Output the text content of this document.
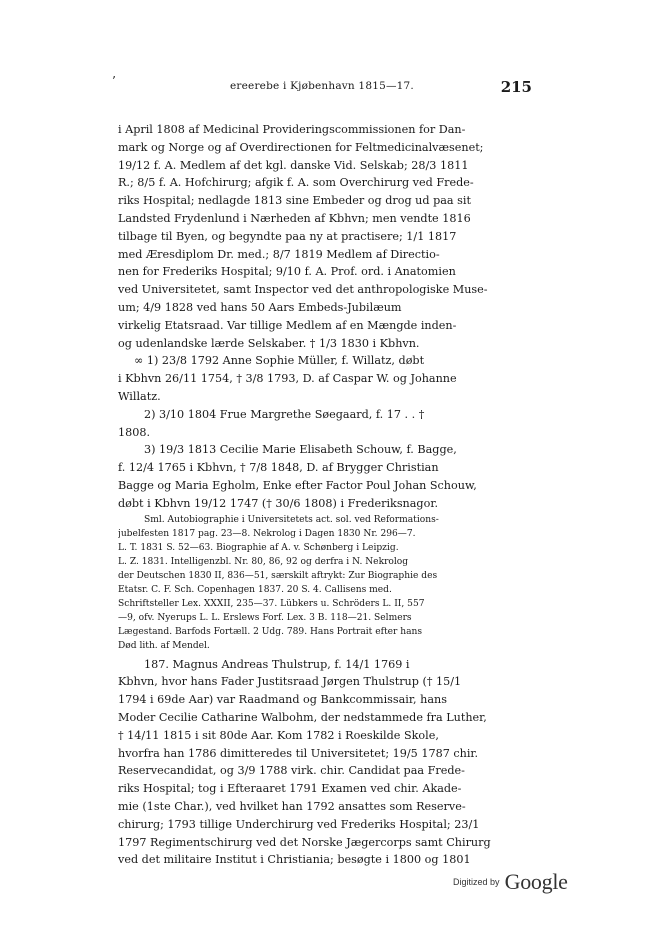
’	ereerebe i Kjøbenhavn 1815—17.	215
i April 1808 af Medicinal Provideringscommissionen for Dan-
mark og Norge og af Overdirectionen for Feltmedicinalvæsenet;
19/12 f. A. Medlem af det kgl. danske Vid. Selskab; 28/3 1811
R.; 8/5 f. A. Hofchirurg; afgik f. A. som Overchirurg ved Frede-
riks Hospital; nedlagde 1813 sine Embeder og drog ud paa sit
Landsted Frydenlund i Nærheden af Kbhvn; men vendte 1816
tilbage til Byen, og begyndte paa ny at practisere; 1/1 1817
med Æresdiplom Dr. med.; 8/7 1819 Medlem af Directio-
nen for Frederiks Hospital; 9/10 f. A. Prof. ord. i Anatomien
ved Universitetet, samt Inspector ved det anthropologiske Muse-
um; 4/9 1828 ved hans 50 Aars Embeds-Jubilæum
virkelig Etatsraad. Var tillige Medlem af en Mængde inden-
og udenlandske lærde Selskaber. † 1/3 1830 i Kbhvn.
∞ 1) 23/8 1792 Anne Sophie Müller, f. Willatz, døbt
i Kbhvn 26/11 1754, † 3/8 1793, D. af Caspar W. og Johanne
Willatz.
2) 3/10 1804 Frue Margrethe Søegaard, f. 17 . . †
1808.
3) 19/3 1813 Cecilie Marie Elisabeth Schouw, f. Bagge,
f. 12/4 1765 i Kbhvn, † 7/8 1848, D. af Brygger Christian
Bagge og Maria Egholm, Enke efter Factor Poul Johan Schouw,
døbt i Kbhvn 19/12 1747 († 30/6 1808) i Frederiksnagor.
Sml. Autobiographie i Universitetets act. sol. ved Reformations-
jubelfesten 1817 pag. 23—8. Nekrolog i Dagen 1830 Nr. 296—7.
L. T. 1831 S. 52—63. Biographie af A. v. Schønberg i Leipzig.
L. Z. 1831. Intelligenzbl. Nr. 80, 86, 92 og derfra i N. Nekrolog
der Deutschen 1830 II, 836—51, særskilt aftrykt: Zur Biographie des
Etatsr. C. F. Sch. Copenhagen 1837. 20 S. 4. Callisens med.
Schriftsteller Lex. XXXII, 235—37. Lübkers u. Schröders L. II, 557
—9, ofv. Nyerups L. L. Erslews Forf. Lex. 3 B. 118—21. Selmers
Lægestand. Barfods Fortæll. 2 Udg. 789. Hans Portrait efter hans
Død lith. af Mendel.
187. Magnus Andreas Thulstrup, f. 14/1 1769 i
Kbhvn, hvor hans Fader Justitsraad Jørgen Thulstrup († 15/1
1794 i 69de Aar) var Raadmand og Bankcommissair, hans
Moder Cecilie Catharine Walbohm, der nedstammede fra Luther,
† 14/11 1815 i sit 80de Aar. Kom 1782 i Roeskilde Skole,
hvorfra han 1786 dimitteredes til Universitetet; 19/5 1787 chir.
Reservecandidat, og 3/9 1788 virk. chir. Candidat paa Frede-
riks Hospital; tog i Efteraaret 1791 Examen ved chir. Akade-
mie (1ste Char.), ved hvilket han 1792 ansattes som Reserve-
chirurg; 1793 tillige Underchirurg ved Frederiks Hospital; 23/1
1797 Regimentschirurg ved det Norske Jægercorps samt Chirurg
ved det militaire Institut i Christiania; besøgte i 1800 og 1801
$^{Digitized by}$ Google
